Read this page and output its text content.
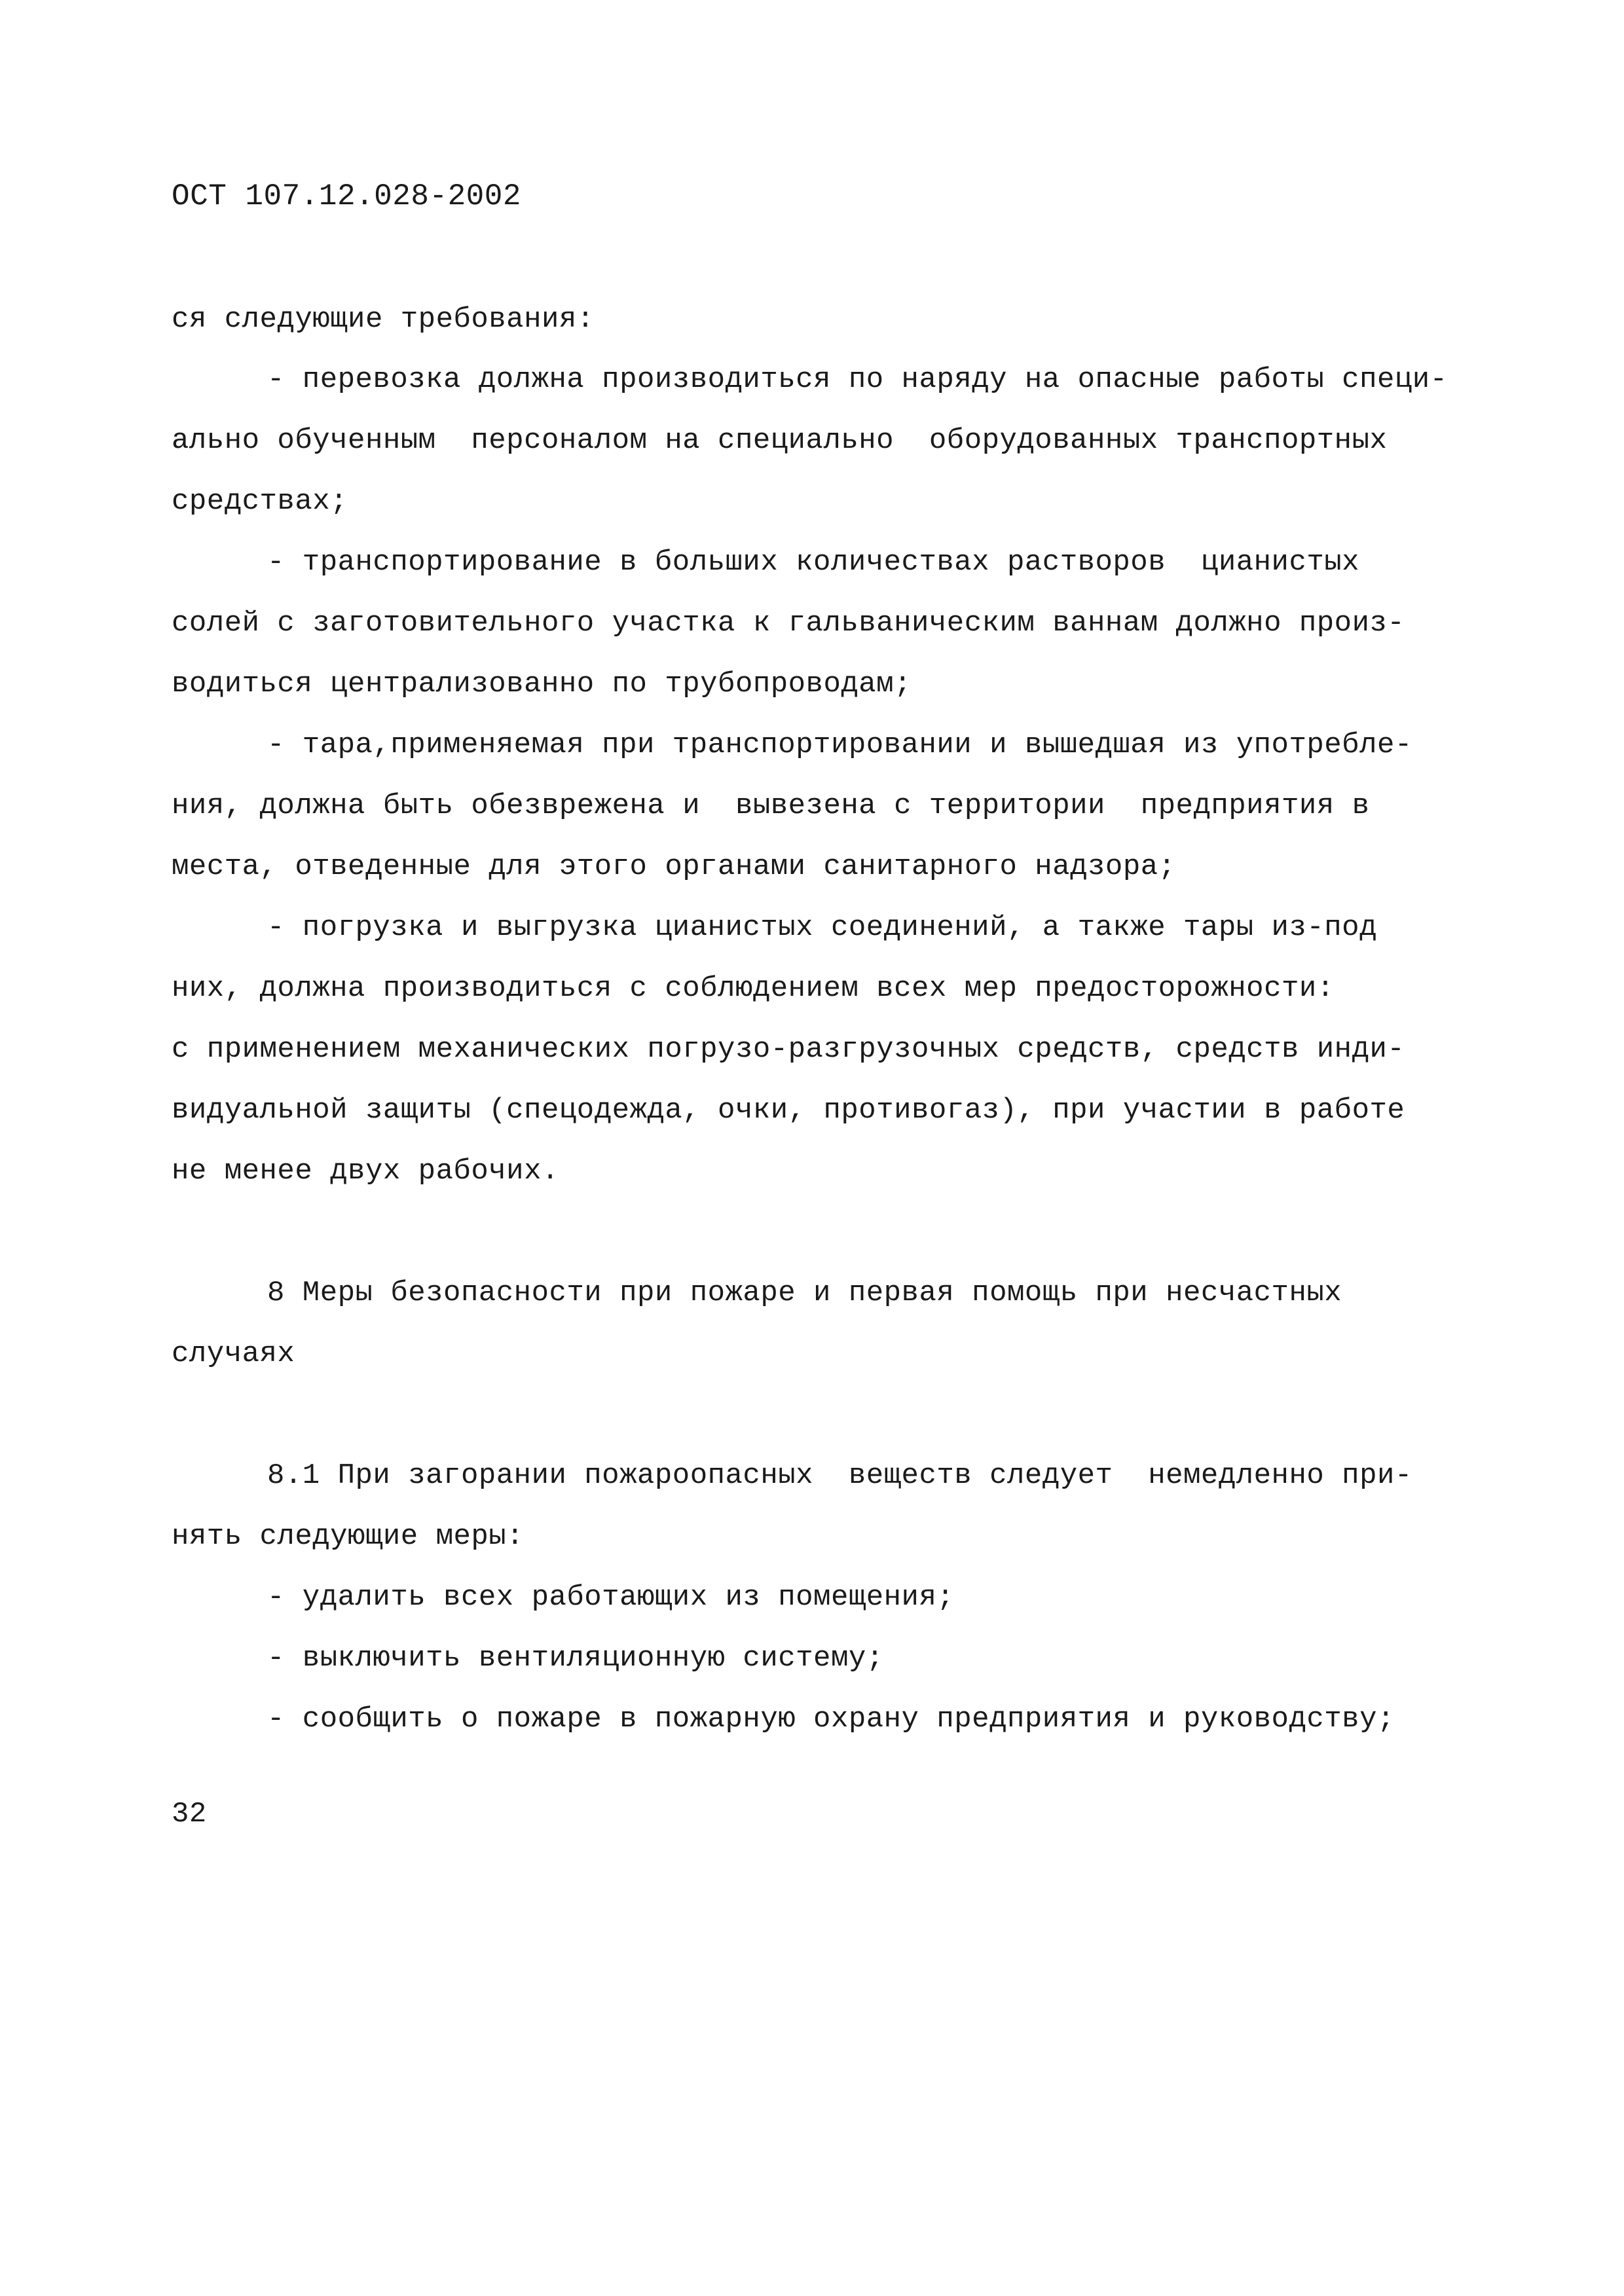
ОСТ 107.12.028-2002
ся следующие требования:
- перевозка должна производиться по наряду на опасные работы специ-
ально обученным  персоналом на специально  оборудованных транспортных
средствах;
- транспортирование в больших количествах растворов  цианистых
солей с заготовительного участка к гальваническим ваннам должно произ-
водиться централизованно по трубопроводам;
- тара,применяемая при транспортировании и вышедшая из употребле-
ния, должна быть обезврежена и  вывезена с территории  предприятия в
места, отведенные для этого органами санитарного надзора;
- погрузка и выгрузка цианистых соединений, а также тары из-под
них, должна производиться с соблюдением всех мер предосторожности:
с применением механических погрузо-разгрузочных средств, средств инди-
видуальной защиты (спецодежда, очки, противогаз), при участии в работе
не менее двух рабочих.
8 Меры безопасности при пожаре и первая помощь при несчастных
случаях
8.1 При загорании пожароопасных  веществ следует  немедленно при-
нять следующие меры:
- удалить всех работающих из помещения;
- выключить вентиляционную систему;
- сообщить о пожаре в пожарную охрану предприятия и руководству;
32
